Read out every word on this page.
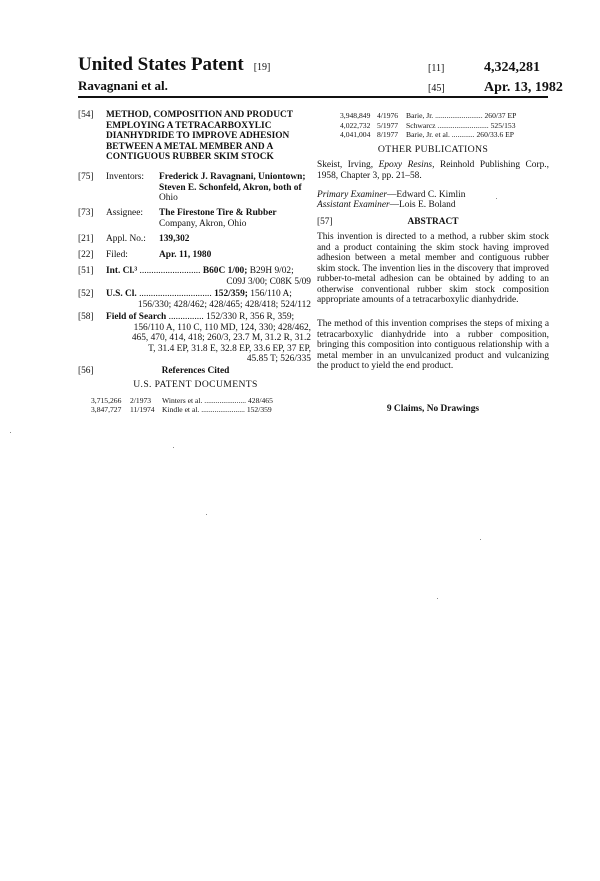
United States Patent [19]
Ravagnani et al.
[11]	4,324,281
[45]	Apr. 13, 1982
[54] METHOD, COMPOSITION AND PRODUCT
EMPLOYING A TETRACARBOXYLIC
DIANHYDRIDE TO IMPROVE ADHESION
BETWEEN A METAL MEMBER AND A
CONTIGUOUS RUBBER SKIM STOCK
[75] Inventors: Frederick J. Ravagnani, Uniontown;
Steven E. Schonfeld, Akron, both of
Ohio
[73] Assignee: The Firestone Tire & Rubber
Company, Akron, Ohio
[21] Appl. No.: 139,302
[22] Filed:	Apr. 11, 1980
[51] Int. Cl.³ .......................... B60C 1/00; B29H 9/02;
C09J 3/00; C08K 5/09
[52] U.S. Cl. ............................... 152/359; 156/110 A;
156/330; 428/462; 428/465; 428/418; 524/112
[58] Field of Search ............... 152/330 R, 356 R, 359;
156/110 A, 110 C, 110 MD, 124, 330; 428/462,
465, 470, 414, 418; 260/3, 23.7 M, 31.2 R, 31.2
T, 31.4 EP, 31.8 E, 32.8 EP, 33.6 EP, 37 EP,
45.85 T; 526/335
[56]	References Cited
U.S. PATENT DOCUMENTS
3,715,266 2/1973 Winters et al. ...................... 428/465
3,847,727 11/1974 Kindle et al. ....................... 152/359
3,948,849 4/1976 Barie, Jr. ......................... 260/37 EP
4,022,732 5/1977 Schwarcz ........................... 525/153
4,041,004 8/1977 Barie, Jr. et al. ............ 260/33.6 EP
OTHER PUBLICATIONS
Skeist, Irving, Epoxy Resins, Reinhold Publishing Corp., 1958, Chapter 3, pp. 21–58.
Primary Examiner—Edward C. Kimlin
Assistant Examiner—Lois E. Boland
[57]	ABSTRACT
This invention is directed to a method, a rubber skim stock and a product containing the skim stock having improved adhesion between a metal member and contiguous rubber skim stock. The invention lies in the discovery that improved rubber-to-metal adhesion can be obtained by adding to an otherwise conventional rubber skim stock composition appropriate amounts of a tetracarboxylic dianhydride.
The method of this invention comprises the steps of mixing a tetracarboxylic dianhydride into a rubber composition, bringing this composition into contiguous relationship with a metal member in an unvulcanized product and vulcanizing the product to yield the end product.
9 Claims, No Drawings
